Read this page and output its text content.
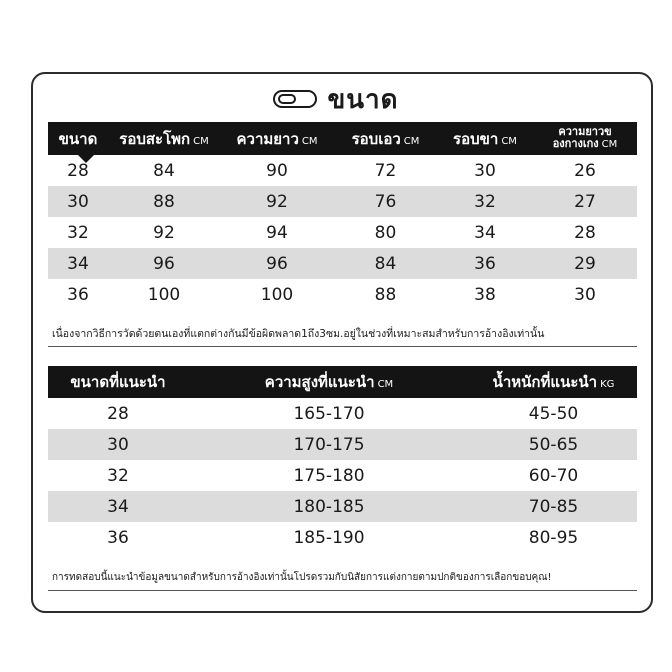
ขนาด
ขนาด	รอบสะโพก CM	ความยาว CM	รอบเอว CM	รอบขา CM	ความยาวข
องกางเกง CM
28	84	90	72	30	26
30	88	92	76	32	27
32	92	94	80	34	28
34	96	96	84	36	29
36	100	100	88	38	30
เนื่องจากวิธีการวัดด้วยตนเองที่แตกต่างกันมีข้อผิดพลาด1ถึง3ซม.อยู่ในช่วงที่เหมาะสมสำหรับการอ้างอิงเท่านั้น
ขนาดที่แนะนำ	ความสูงที่แนะนำ CM	น้ำหนักที่แนะนำ KG
28	165-170	45-50
30	170-175	50-65
32	175-180	60-70
34	180-185	70-85
36	185-190	80-95
การทดสอบนี้แนะนำข้อมูลขนาดสำหรับการอ้างอิงเท่านั้นโปรดรวมกับนิสัยการแต่งกายตามปกติของการเลือกขอบคุณ!
